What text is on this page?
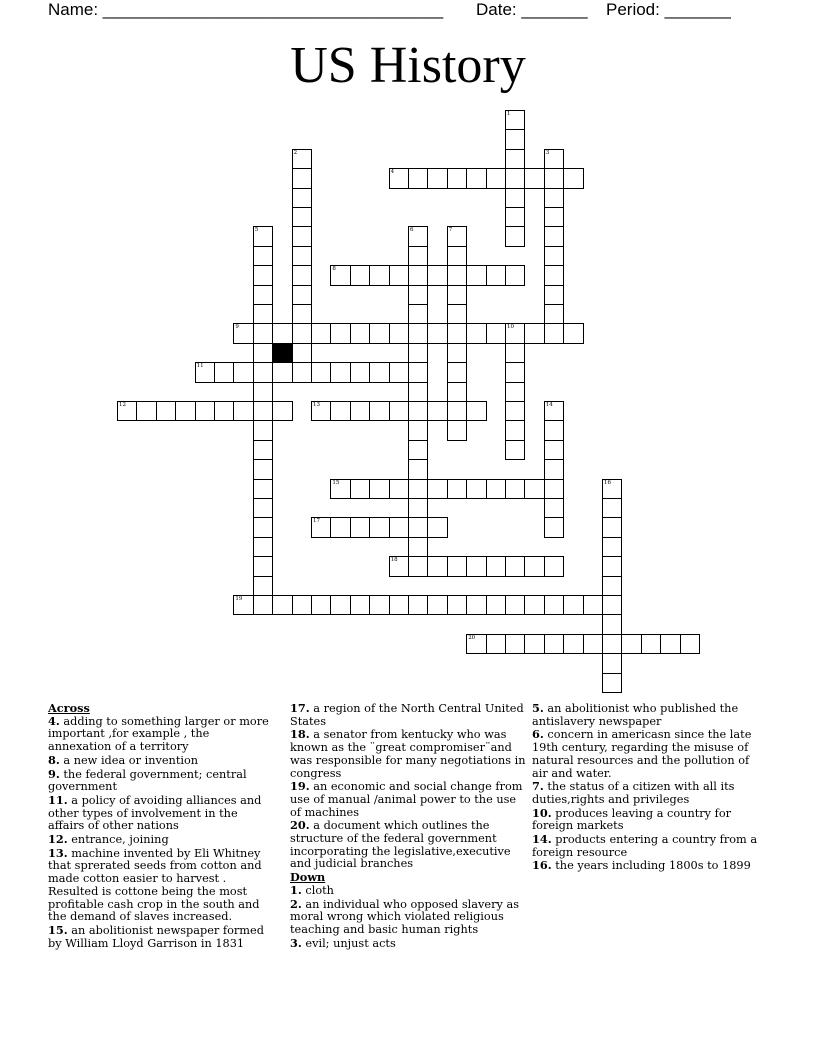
Name: ____________________________________ Date: _______ Period: _______
US History
1
2	3
4
5	6	7
8
9	10
11
12	13	14
15	16
17
18
19
20
Across
4. adding to something larger or more important ,for example , the annexation of a territory
8. a new idea or invention
9. the federal government; central government
11. a policy of avoiding alliances and other types of involvement in the affairs of other nations
12. entrance, joining
13. machine invented by Eli Whitney that sprerated seeds from cotton and made cotton easier to harvest . Resulted is cottone being the most profitable cash crop in the south and the demand of slaves increased.
15. an abolitionist newspaper formed by William Lloyd Garrison in 1831
17. a region of the North Central United States
18. a senator from kentucky who was known as the ¨great compromiser¨and was responsible for many negotiations in congress
19. an economic and social change from use of manual /animal power to the use of machines
20. a document which outlines the structure of the federal government incorporating the legislative,executive and judicial branches
Down
1. cloth
2. an individual who opposed slavery as moral wrong which violated religious teaching and basic human rights
3. evil; unjust acts
5. an abolitionist who published the antislavery newspaper
6. concern in americasn since the late 19th century, regarding the misuse of natural resources and the pollution of air and water.
7. the status of a citizen with all its duties,rights and privileges
10. produces leaving a country for foreign markets
14. products entering a country from a foreign resource
16. the years including 1800s to 1899
